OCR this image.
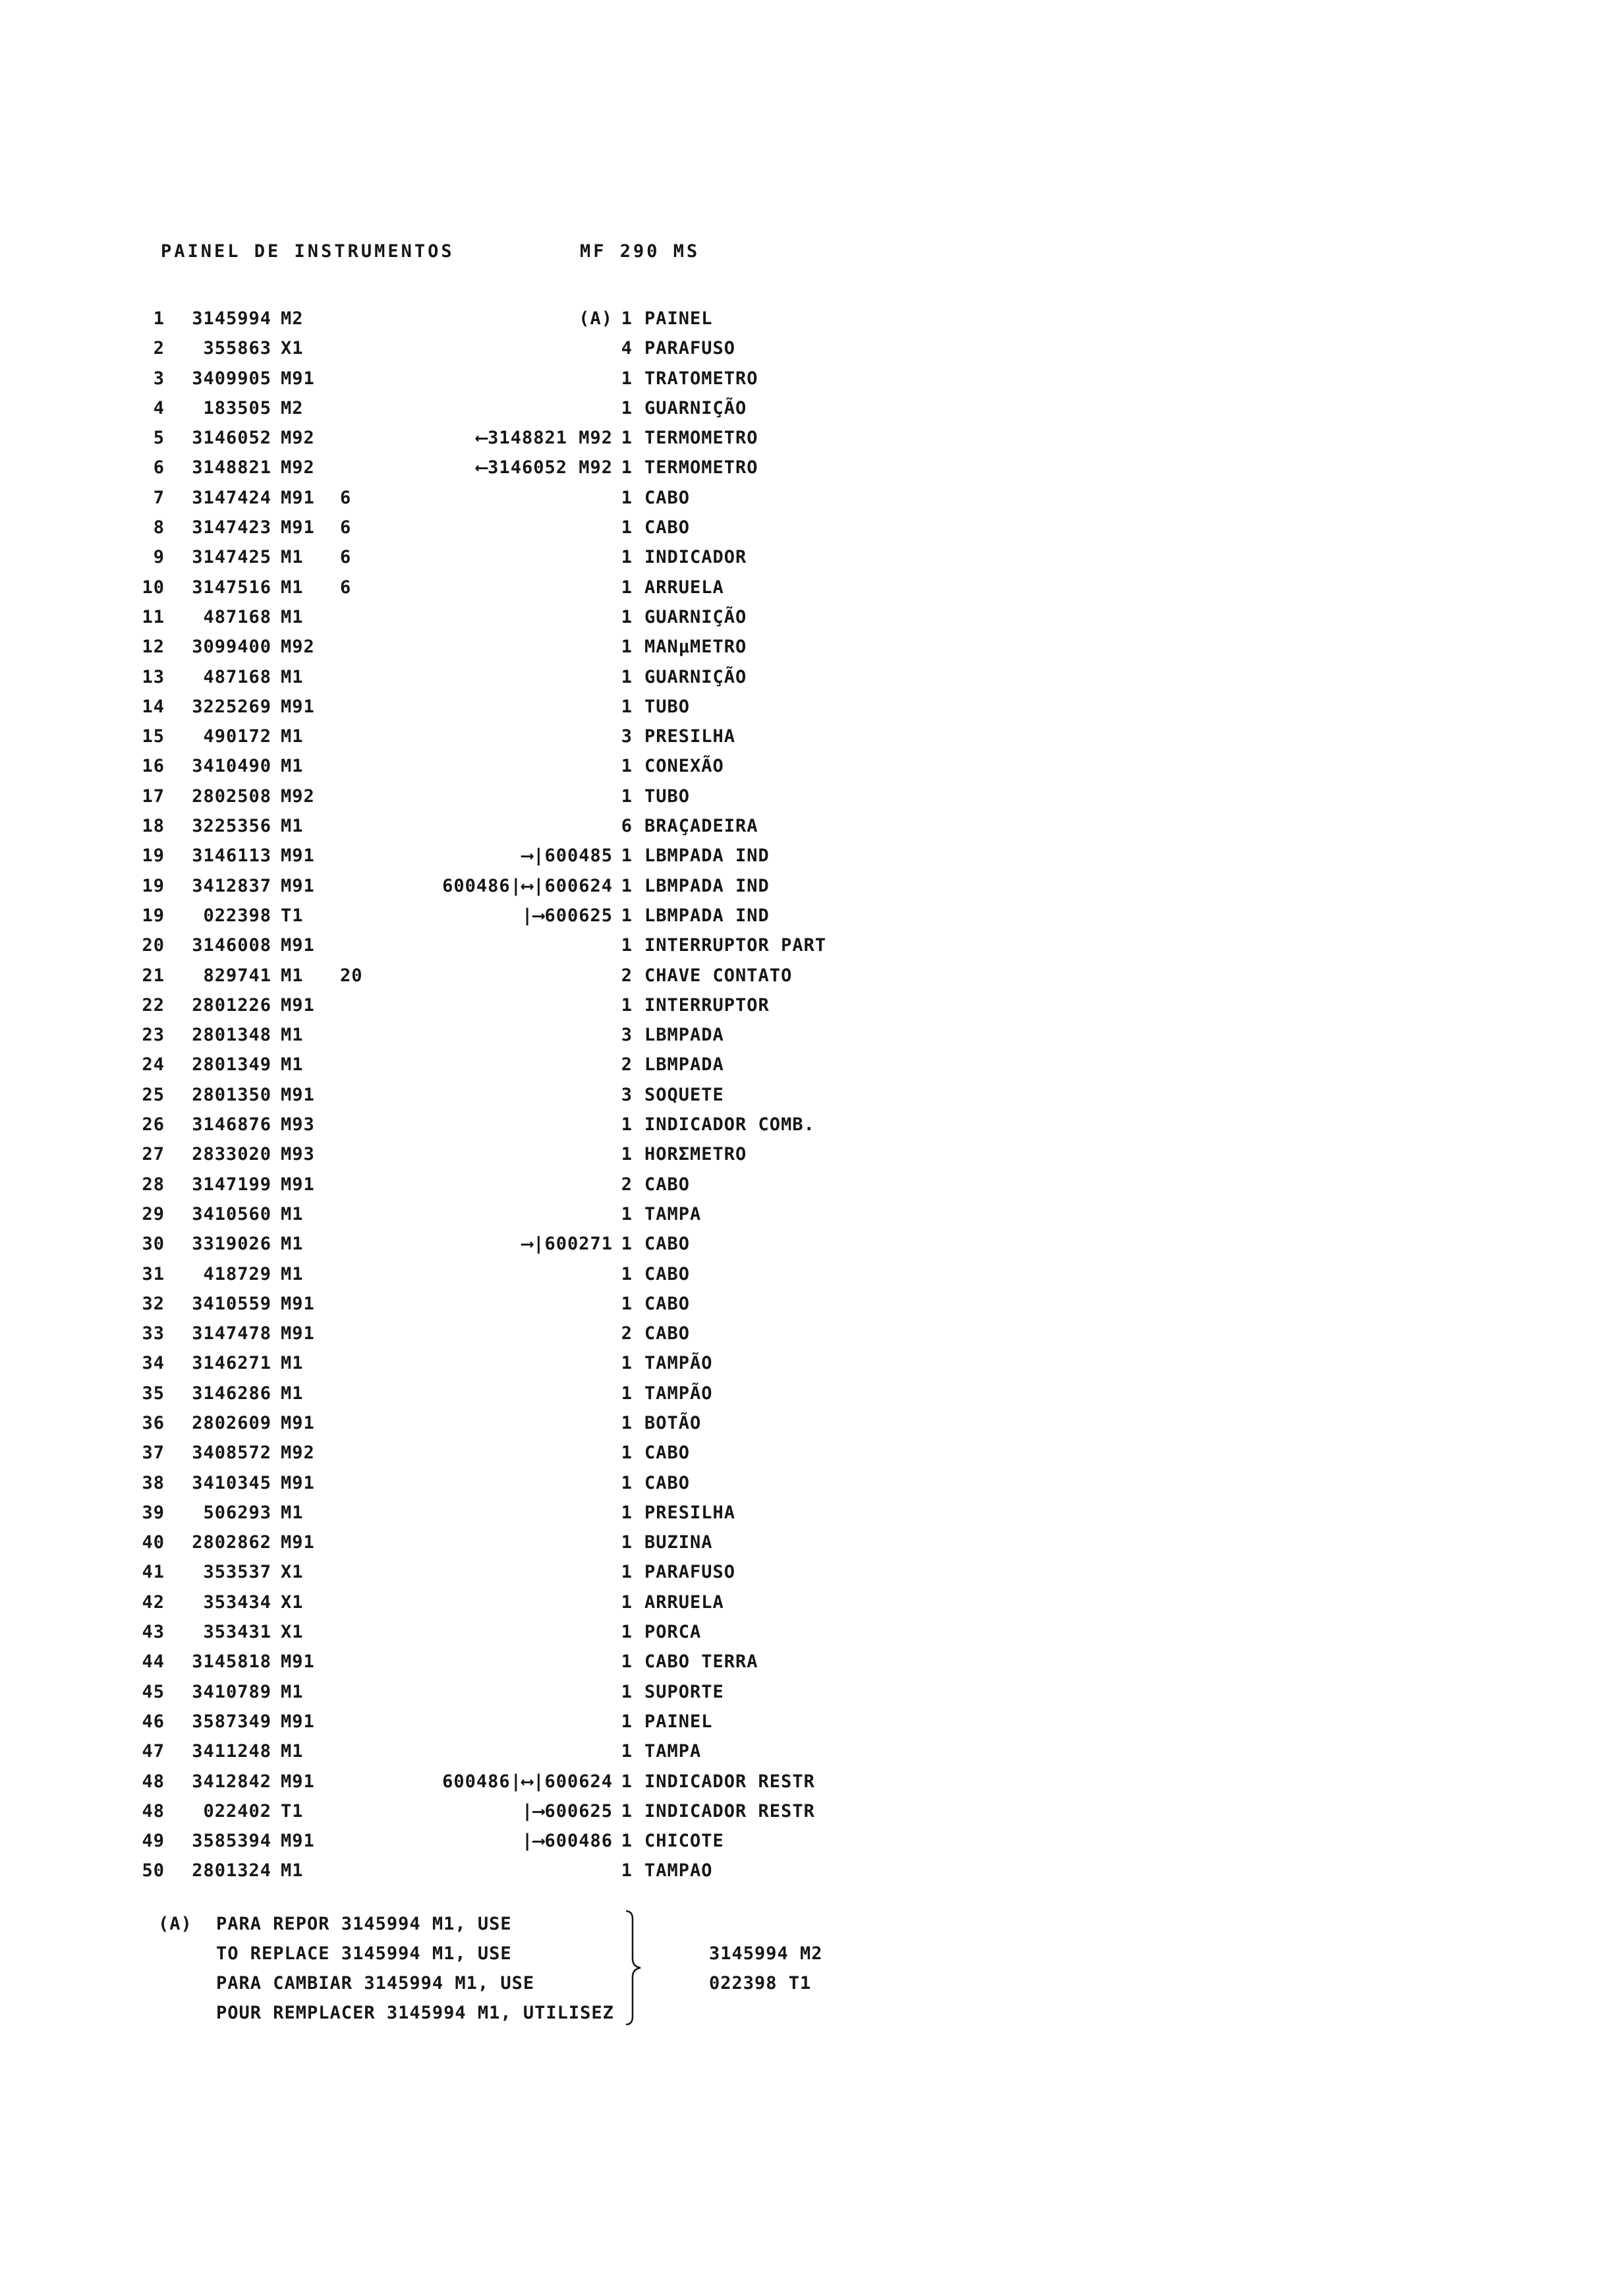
PAINEL DE INSTRUMENTOS	MF 290 MS
1	3145994 M2	(A) 1 PAINEL
2	355863 X1	4 PARAFUSO
3	3409905 M91	1 TRATOMETRO
4	183505 M2	1 GUARNIÇÃO
5	3146052 M92	⟵3148821 M92 1 TERMOMETRO
6	3148821 M92	⟵3146052 M92 1 TERMOMETRO
7	3147424 M91 6	1 CABO
8	3147423 M91 6	1 CABO
9	3147425 M1 6	1 INDICADOR
10	3147516 M1 6	1 ARRUELA
11	487168 M1	1 GUARNIÇÃO
12	3099400 M92	1 MANµMETRO
13	487168 M1	1 GUARNIÇÃO
14	3225269 M91	1 TUBO
15	490172 M1	3 PRESILHA
16	3410490 M1	1 CONEXÃO
17	2802508 M92	1 TUBO
18	3225356 M1	6 BRAÇADEIRA
19	3146113 M91	⟶|600485 1 LBMPADA IND
19	3412837 M91	600486|⟷|600624 1 LBMPADA IND
19	022398 T1	|⟶600625 1 LBMPADA IND
20	3146008 M91	1 INTERRUPTOR PART
21	829741 M1 20	2 CHAVE CONTATO
22	2801226 M91	1 INTERRUPTOR
23	2801348 M1	3 LBMPADA
24	2801349 M1	2 LBMPADA
25	2801350 M91	3 SOQUETE
26	3146876 M93	1 INDICADOR COMB.
27	2833020 M93	1 HORΣMETRO
28	3147199 M91	2 CABO
29	3410560 M1	1 TAMPA
30	3319026 M1	⟶|600271 1 CABO
31	418729 M1	1 CABO
32	3410559 M91	1 CABO
33	3147478 M91	2 CABO
34	3146271 M1	1 TAMPÃO
35	3146286 M1	1 TAMPÃO
36	2802609 M91	1 BOTÃO
37	3408572 M92	1 CABO
38	3410345 M91	1 CABO
39	506293 M1	1 PRESILHA
40	2802862 M91	1 BUZINA
41	353537 X1	1 PARAFUSO
42	353434 X1	1 ARRUELA
43	353431 X1	1 PORCA
44	3145818 M91	1 CABO TERRA
45	3410789 M1	1 SUPORTE
46	3587349 M91	1 PAINEL
47	3411248 M1	1 TAMPA
48	3412842 M91	600486|⟷|600624 1 INDICADOR RESTR
48	022402 T1	|⟶600625 1 INDICADOR RESTR
49	3585394 M91	|⟶600486 1 CHICOTE
50	2801324 M1	1 TAMPAO
(A) PARA REPOR 3145994 M1, USE
TO REPLACE 3145994 M1, USE
PARA CAMBIAR 3145994 M1, USE
POUR REMPLACER 3145994 M1, UTILISEZ
3145994 M2
022398 T1
